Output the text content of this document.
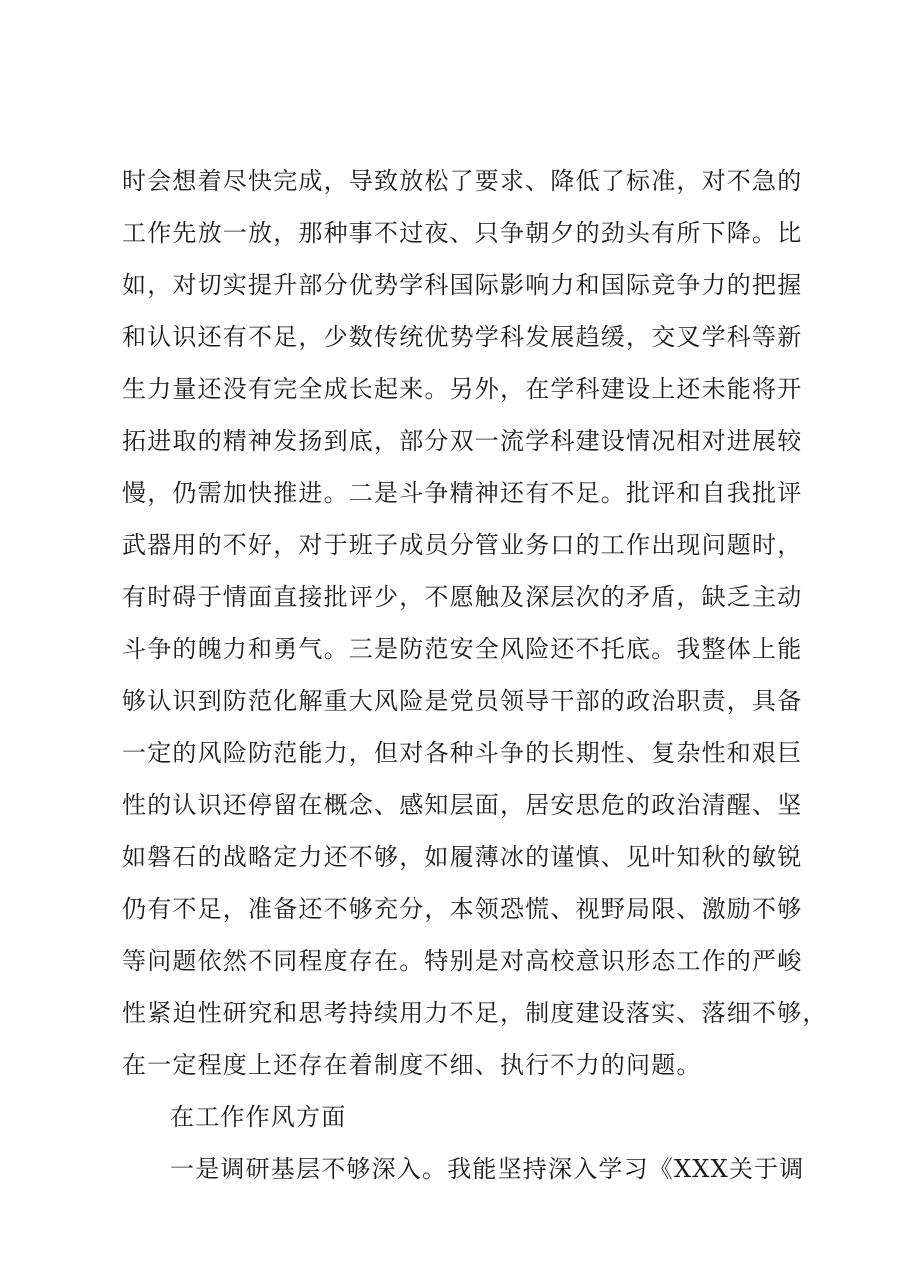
时会想着尽快完成，导致放松了要求、降低了标准，对不急的
工作先放一放，那种事不过夜、只争朝夕的劲头有所下降。比
如，对切实提升部分优势学科国际影响力和国际竞争力的把握
和认识还有不足，少数传统优势学科发展趋缓，交叉学科等新
生力量还没有完全成长起来。另外，在学科建设上还未能将开
拓进取的精神发扬到底，部分双一流学科建设情况相对进展较
慢，仍需加快推进。二是斗争精神还有不足。批评和自我批评
武器用的不好，对于班子成员分管业务口的工作出现问题时，
有时碍于情面直接批评少，不愿触及深层次的矛盾，缺乏主动
斗争的魄力和勇气。三是防范安全风险还不托底。我整体上能
够认识到防范化解重大风险是党员领导干部的政治职责，具备
一定的风险防范能力，但对各种斗争的长期性、复杂性和艰巨
性的认识还停留在概念、感知层面，居安思危的政治清醒、坚
如磐石的战略定力还不够，如履薄冰的谨慎、见叶知秋的敏锐
仍有不足，准备还不够充分，本领恐慌、视野局限、激励不够
等问题依然不同程度存在。特别是对高校意识形态工作的严峻
性紧迫性研究和思考持续用力不足，制度建设落实、落细不够，
在一定程度上还存在着制度不细、执行不力的问题。
在工作作风方面
一是调研基层不够深入。我能坚持深入学习《XXX关于调
